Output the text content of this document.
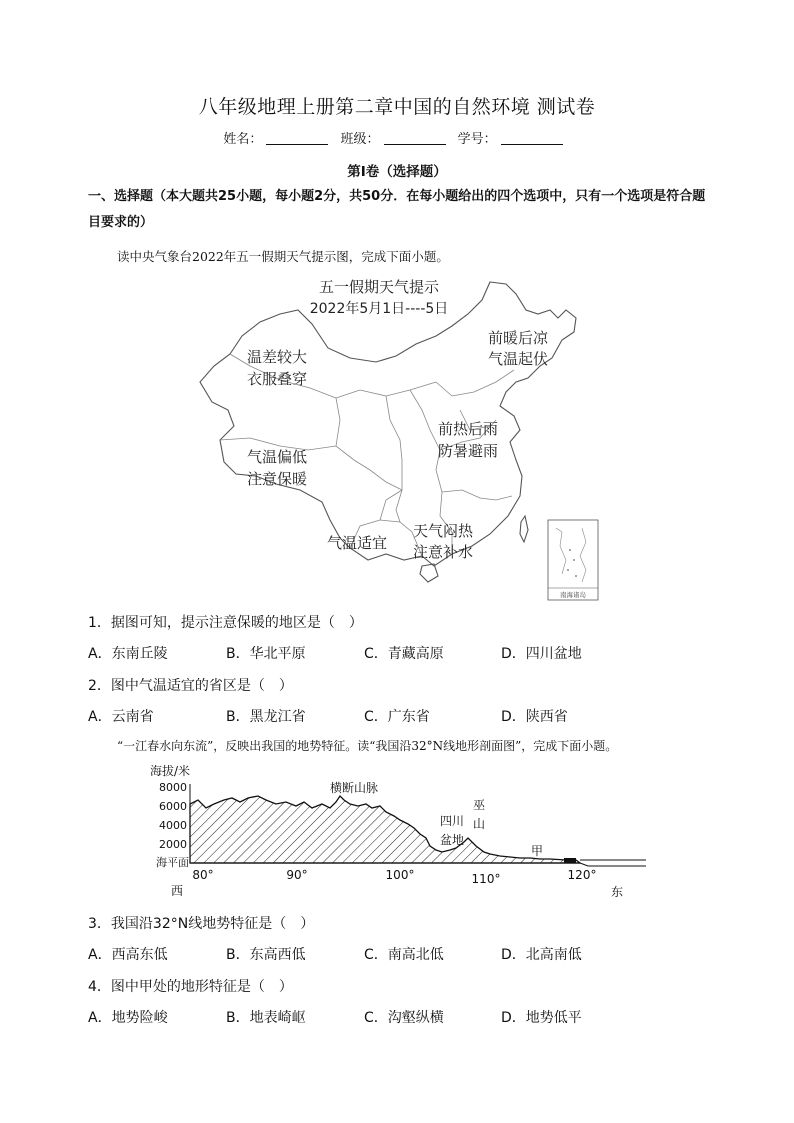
八年级地理上册第二章中国的自然环境 测试卷
姓名：	班级：	学号：
第I卷（选择题）
一、选择题（本大题共25小题，每小题2分，共50分．在每小题给出的四个选项中，只有一个选项是符合题目要求的）
读中央气象台2022年五一假期天气提示图，完成下面小题。
五一假期天气提示
2022年5月1日----5日
前暖后凉
气温起伏
温差较大
衣服叠穿
气温偏低
注意保暖
前热后雨
防暑避雨
气温适宜
天气闷热
注意补水
南海诸岛
1．据图可知，提示注意保暖的地区是（　）
A．东南丘陵	B．华北平原	C．青藏高原	D．四川盆地
2．图中气温适宜的省区是（　）
A．云南省	B．黑龙江省	C．广东省	D．陕西省
“一江春水向东流”，反映出我国的地势特征。读“我国沿32°N线地形剖面图”，完成下面小题。
海拔/米
8000
6000
4000
2000
海平面
横断山脉
四川
盆地
巫
山
甲
80°	90°	100°	110°	120°
西	东
3．我国沿32°N线地势特征是（　）
A．西高东低	B．东高西低	C．南高北低	D．北高南低
4．图中甲处的地形特征是（　）
A．地势险峻	B．地表崎岖	C．沟壑纵横	D．地势低平
